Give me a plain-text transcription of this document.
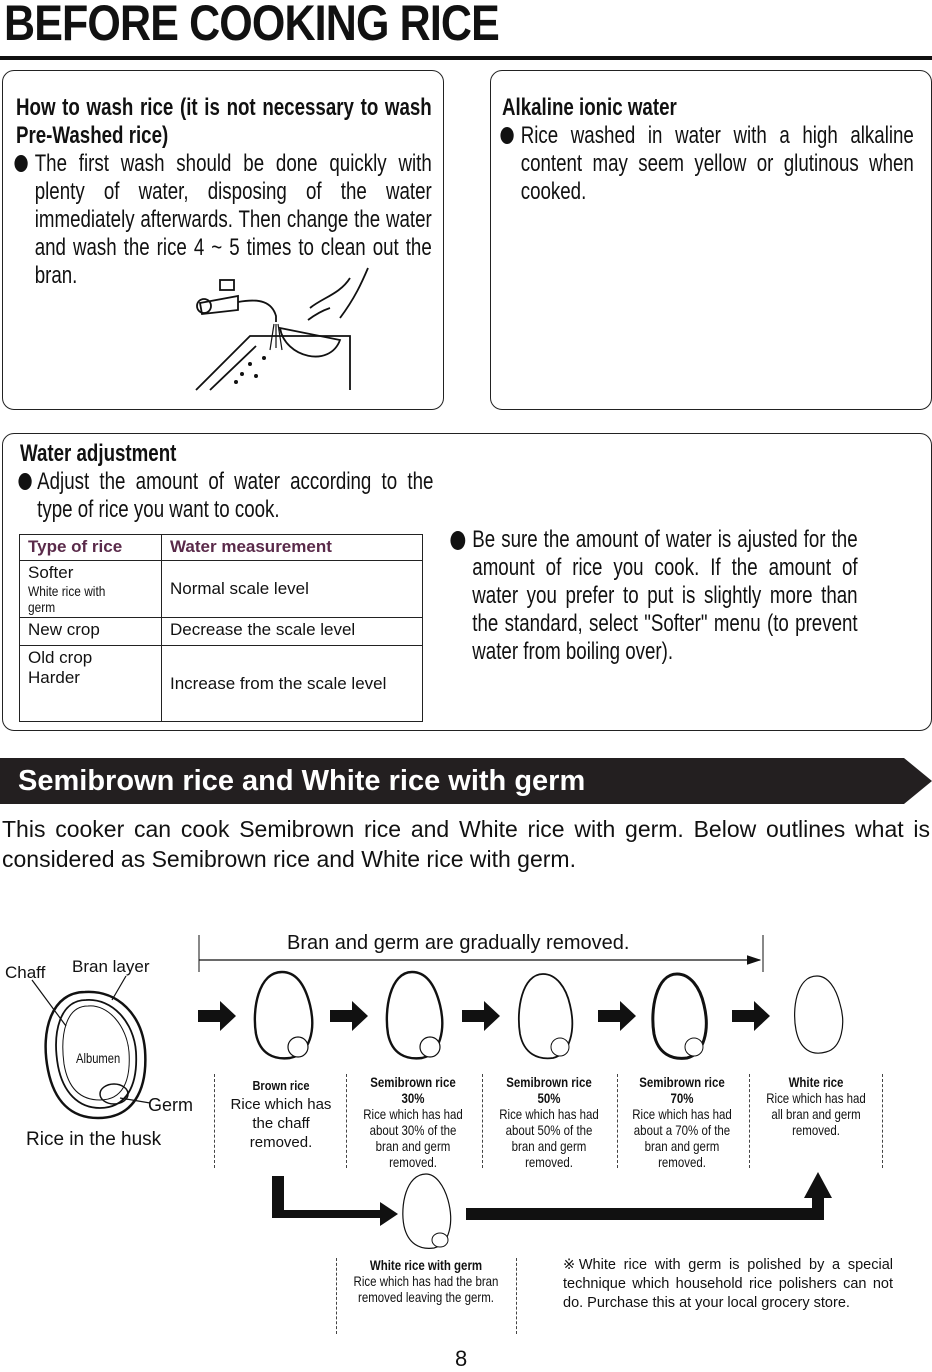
BEFORE COOKING RICE
How to wash rice (it is not necessary to wash Pre-Washed rice)
The first wash should be done quickly with plenty of water, disposing of the water immediately afterwards. Then change the water and wash the rice 4 ~ 5 times to clean out the bran.
Alkaline ionic water
Rice washed in water with a high alkaline content may seem yellow or glutinous when cooked.
Water adjustment
Adjust the amount of water according to the type of rice you want to cook.
Type of rice	Water measurement
Softer
White rice with germ	Normal scale level
New crop	Decrease the scale level

Old crop
Harder	Increase from the scale level
Be sure the amount of water is ajusted for the amount of rice you cook. If the amount of water you prefer to put is slightly more than the standard, select "Softer" menu (to prevent water from boiling over).
Semibrown rice and White rice with germ
This cooker can cook Semibrown rice and White rice with germ. Below outlines what is considered as Semibrown rice and White rice with germ.
Bran and germ are gradually removed.
Chaff Bran layer
Albumen
Germ
Rice in the husk
Brown rice
Rice which has the chaff removed.
Semibrown rice 30%
Rice which has had about 30% of the bran and germ removed.
Semibrown rice 50%
Rice which has had about 50% of the bran and germ removed.
Semibrown rice 70%
Rice which has had about a 70% of the bran and germ removed.
White rice
Rice which has had all bran and germ removed.
White rice with germ
Rice which has had the bran removed leaving the germ.
※White rice with germ is polished by a special technique which household rice polishers can not do. Purchase this at your local grocery store.
8
